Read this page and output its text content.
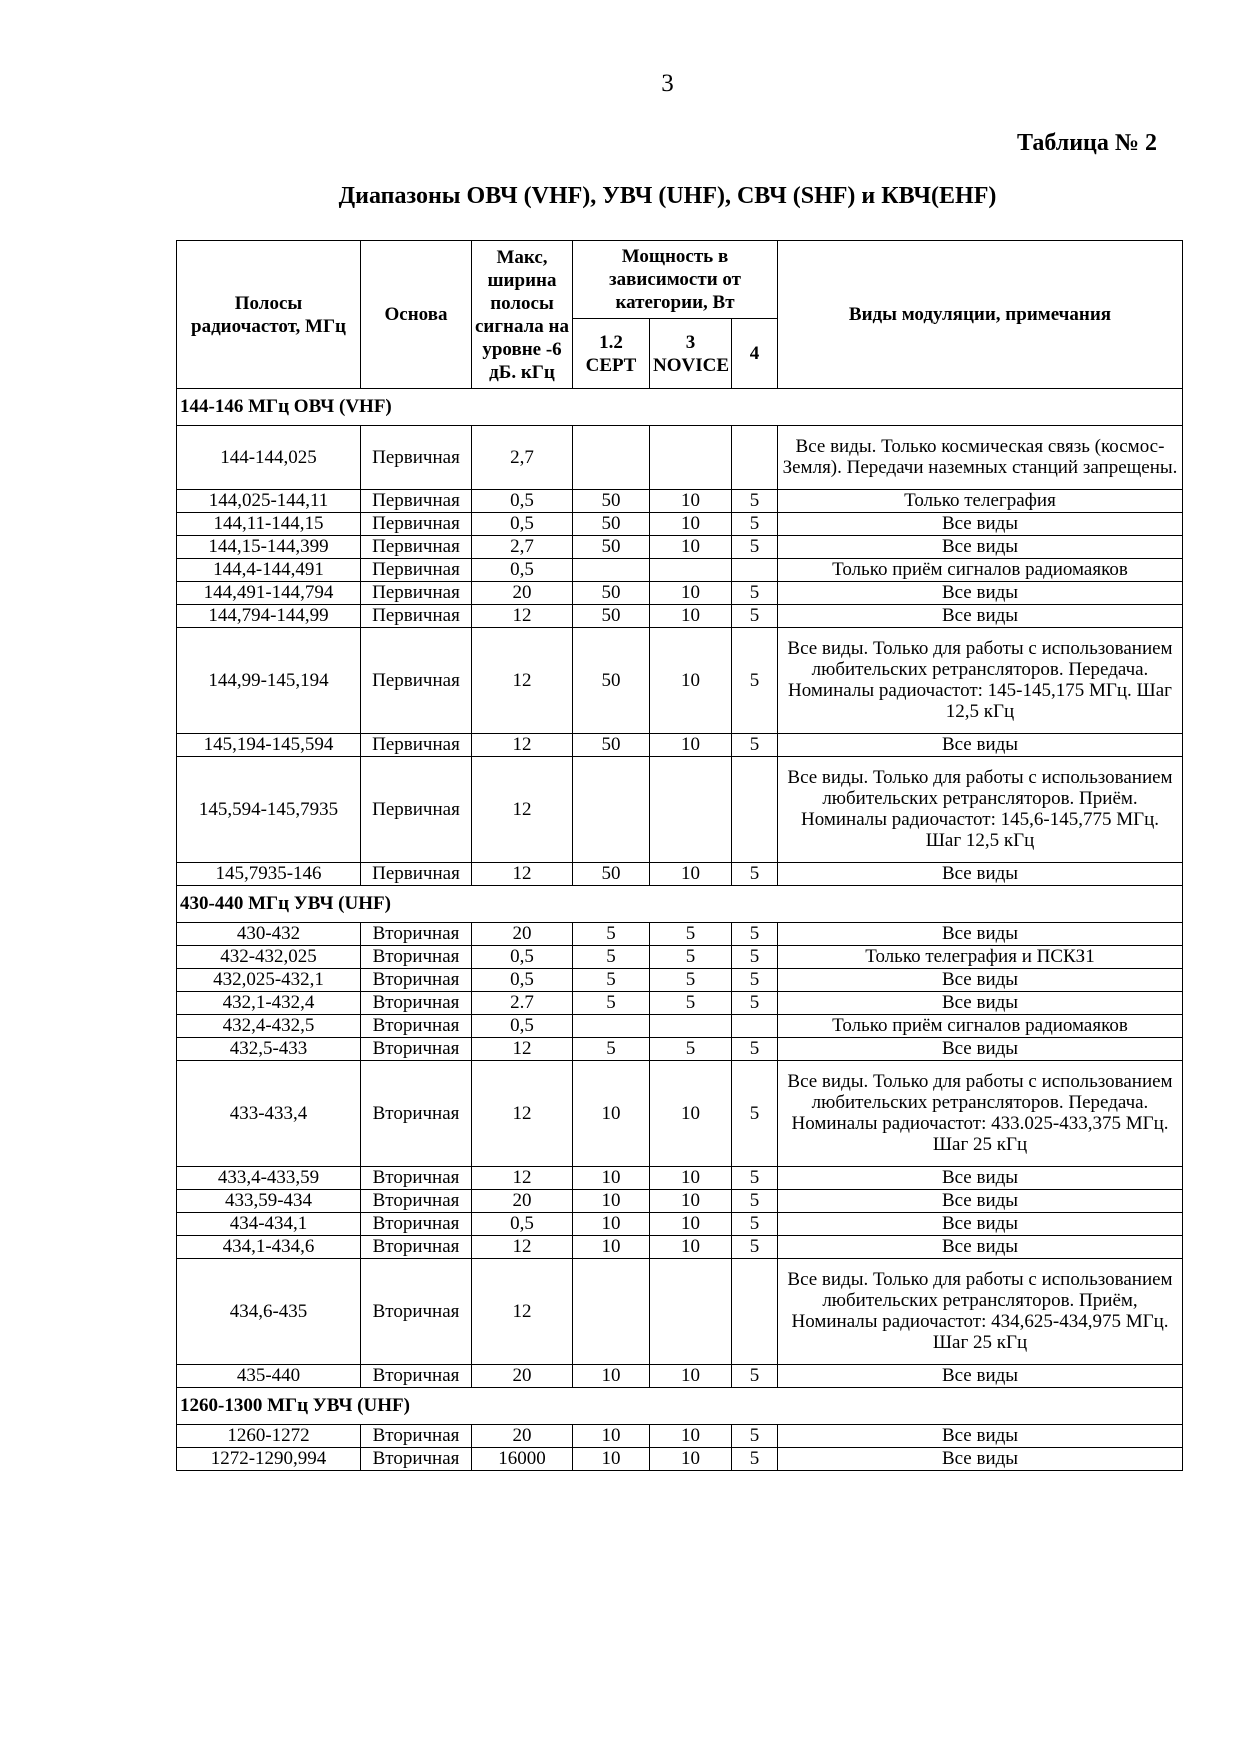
3
Таблица № 2
Диапазоны ОВЧ (VHF), УВЧ (UHF), СВЧ (SHF) и КВЧ(EHF)
Полосы радиочастот, МГц	Основа	Макс, ширина полосы сигнала на уровне -6 дБ. кГц	Мощность в зависимости от категории, Вт			Виды модуляции, примечания
			1.2 CEPT	3 NOVICE	4	
144-146 МГц ОВЧ (VHF)						
144-144,025	Первичная	2,7				Все виды. Только космическая связь (космос-Земля). Передачи наземных станций запрещены.
144,025-144,11	Первичная	0,5	50	10	5	Только телеграфия
144,11-144,15	Первичная	0,5	50	10	5	Все виды
144,15-144,399	Первичная	2,7	50	10	5	Все виды
144,4-144,491	Первичная	0,5				Только приём сигналов радиомаяков
144,491-144,794	Первичная	20	50	10	5	Все виды
144,794-144,99	Первичная	12	50	10	5	Все виды
144,99-145,194	Первичная	12	50	10	5	Все виды. Только для работы с использованием любительских ретрансляторов. Передача. Номиналы радиочастот: 145-145,175 МГц. Шаг 12,5 кГц
145,194-145,594	Первичная	12	50	10	5	Все виды
145,594-145,7935	Первичная	12				Все виды. Только для работы с использованием любительских ретрансляторов. Приём. Номиналы радиочастот: 145,6-145,775 МГц. Шаг 12,5 кГц
145,7935-146	Первичная	12	50	10	5	Все виды
430-440 МГц УВЧ (UHF)						
430-432	Вторичная	20	5	5	5	Все виды
432-432,025	Вторичная	0,5	5	5	5	Только телеграфия и ПСКЗ1
432,025-432,1	Вторичная	0,5	5	5	5	Все виды
432,1-432,4	Вторичная	2.7	5	5	5	Все виды
432,4-432,5	Вторичная	0,5				Только приём сигналов радиомаяков
432,5-433	Вторичная	12	5	5	5	Все виды
433-433,4	Вторичная	12	10	10	5	Все виды. Только для работы с использованием любительских ретрансляторов. Передача. Номиналы радиочастот: 433.025-433,375 МГц. Шаг 25 кГц
433,4-433,59	Вторичная	12	10	10	5	Все виды
433,59-434	Вторичная	20	10	10	5	Все виды
434-434,1	Вторичная	0,5	10	10	5	Все виды
434,1-434,6	Вторичная	12	10	10	5	Все виды
434,6-435	Вторичная	12				Все виды. Только для работы с использованием любительских ретрансляторов. Приём, Номиналы радиочастот: 434,625-434,975 МГц. Шаг 25 кГц
435-440	Вторичная	20	10	10	5	Все виды
1260-1300 МГц УВЧ (UHF)						
1260-1272	Вторичная	20	10	10	5	Все виды
1272-1290,994	Вторичная	16000	10	10	5	Все виды
